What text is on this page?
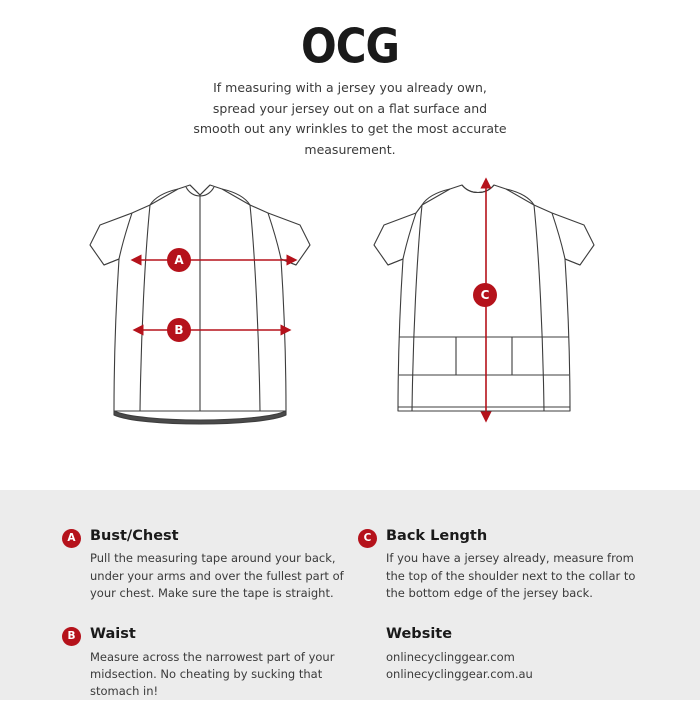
OCG
If measuring with a jersey you already own, spread your jersey out on a flat surface and smooth out any wrinkles to get the most accurate measurement.
A
B
C
A Bust/Chest
Pull the measuring tape around your back, under your arms and over the fullest part of your chest. Make sure the tape is straight.
B	Waist
Measure across the narrowest part of your midsection. No cheating by sucking that stomach in!
C	Back Length
If you have a jersey already, measure from the top of the shoulder next to the collar to the bottom edge of the jersey back.
Website
onlinecyclinggear.com
onlinecyclinggear.com.au
